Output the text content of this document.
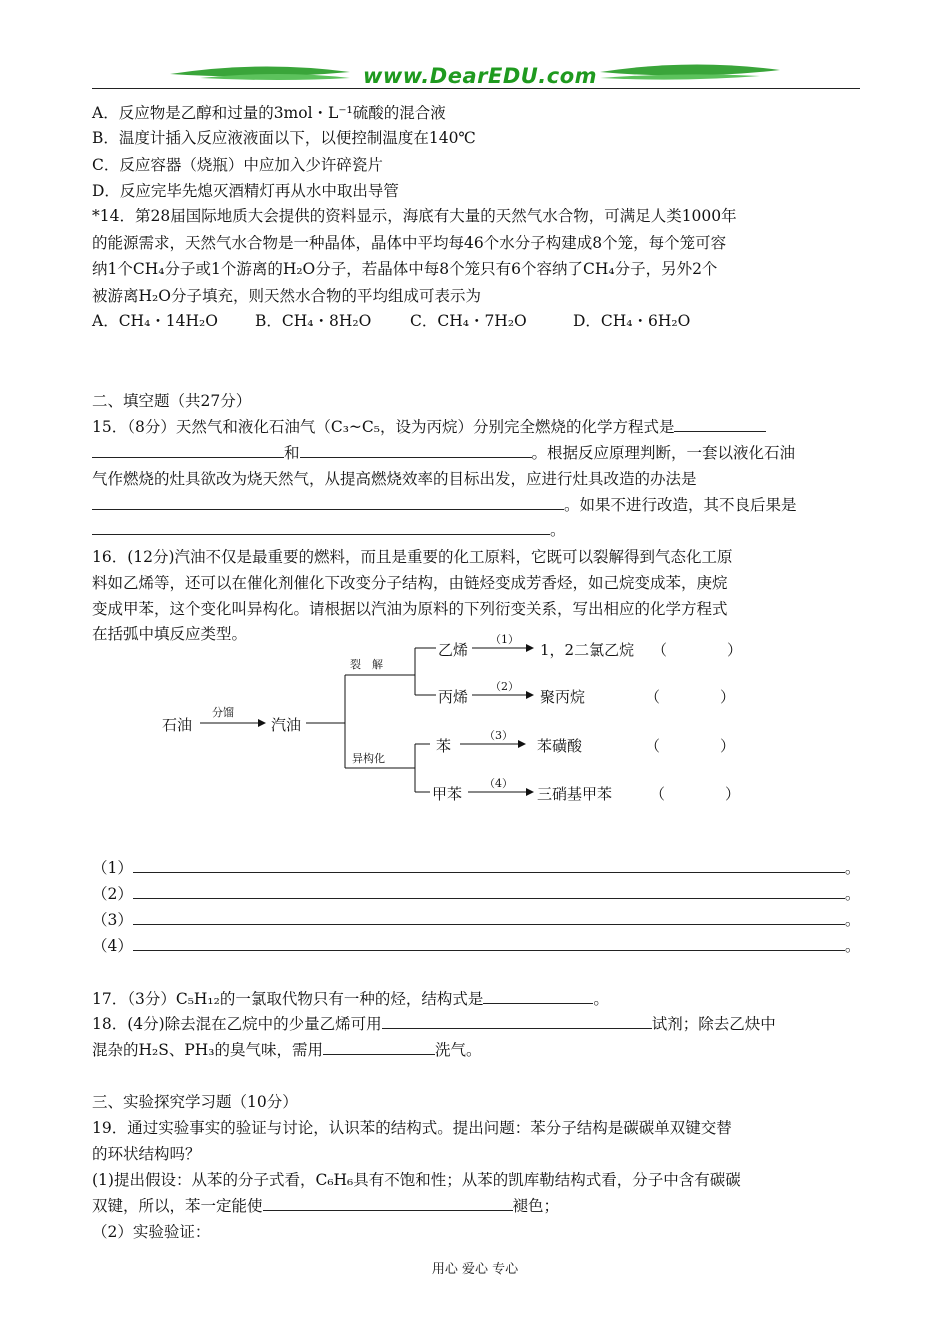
www.DearEDU.com
A．反应物是乙醇和过量的3mol・L⁻¹硫酸的混合液
B．温度计插入反应液液面以下，以便控制温度在140℃
C．反应容器（烧瓶）中应加入少许碎瓷片
D．反应完毕先熄灭酒精灯再从水中取出导管
*14．第28届国际地质大会提供的资料显示，海底有大量的天然气水合物，可满足人类1000年
的能源需求，天然气水合物是一种晶体，晶体中平均每46个水分子构建成8个笼，每个笼可容
纳1个CH₄分子或1个游离的H₂O分子，若晶体中每8个笼只有6个容纳了CH₄分子，另外2个
被游离H₂O分子填充，则天然水合物的平均组成可表示为
A．CH₄・14H₂O B．CH₄・8H₂O C．CH₄・7H₂O	D．CH₄・6H₂O
二、填空题（共27分）
15．（8分）天然气和液化石油气（C₃~C₅，设为丙烷）分别完全燃烧的化学方程式是
和	。根据反应原理判断，一套以液化石油
气作燃烧的灶具欲改为烧天然气，从提高燃烧效率的目标出发，应进行灶具改造的办法是
。如果不进行改造，其不良后果是
。
16．(12分)汽油不仅是最重要的燃料，而且是重要的化工原料，它既可以裂解得到气态化工原
料如乙烯等，还可以在催化剂催化下改变分子结构，由链烃变成芳香烃，如己烷变成苯，庚烷
变成甲苯，这个变化叫异构化。请根据以汽油为原料的下列衍变关系，写出相应的化学方程式
在括弧中填反应类型。
石油
分馏
汽油
裂　解
异构化
乙烯
（1）
1，2二氯乙烷 （　　　　）
丙烯
（2）
聚丙烷	（　　　　）
苯
（3）
苯磺酸	（　　　　）
甲苯
（4）
三硝基甲苯	（　　　　）
（1）	。
（2）	。
（3）	。
（4）	。
17．（3分）C₅H₁₂的一氯取代物只有一种的烃，结构式是	。
18．(4分)除去混在乙烷中的少量乙烯可用	试剂；除去乙炔中
混杂的H₂S、PH₃的臭气味，需用	洗气。
三、实验探究学习题（10分）
19．通过实验事实的验证与讨论，认识苯的结构式。提出问题：苯分子结构是碳碳单双键交替
的环状结构吗？
(1)提出假设：从苯的分子式看，C₆H₆具有不饱和性；从苯的凯库勒结构式看，分子中含有碳碳
双键，所以，苯一定能使	褪色；
（2）实验验证：
用心 爱心 专心
